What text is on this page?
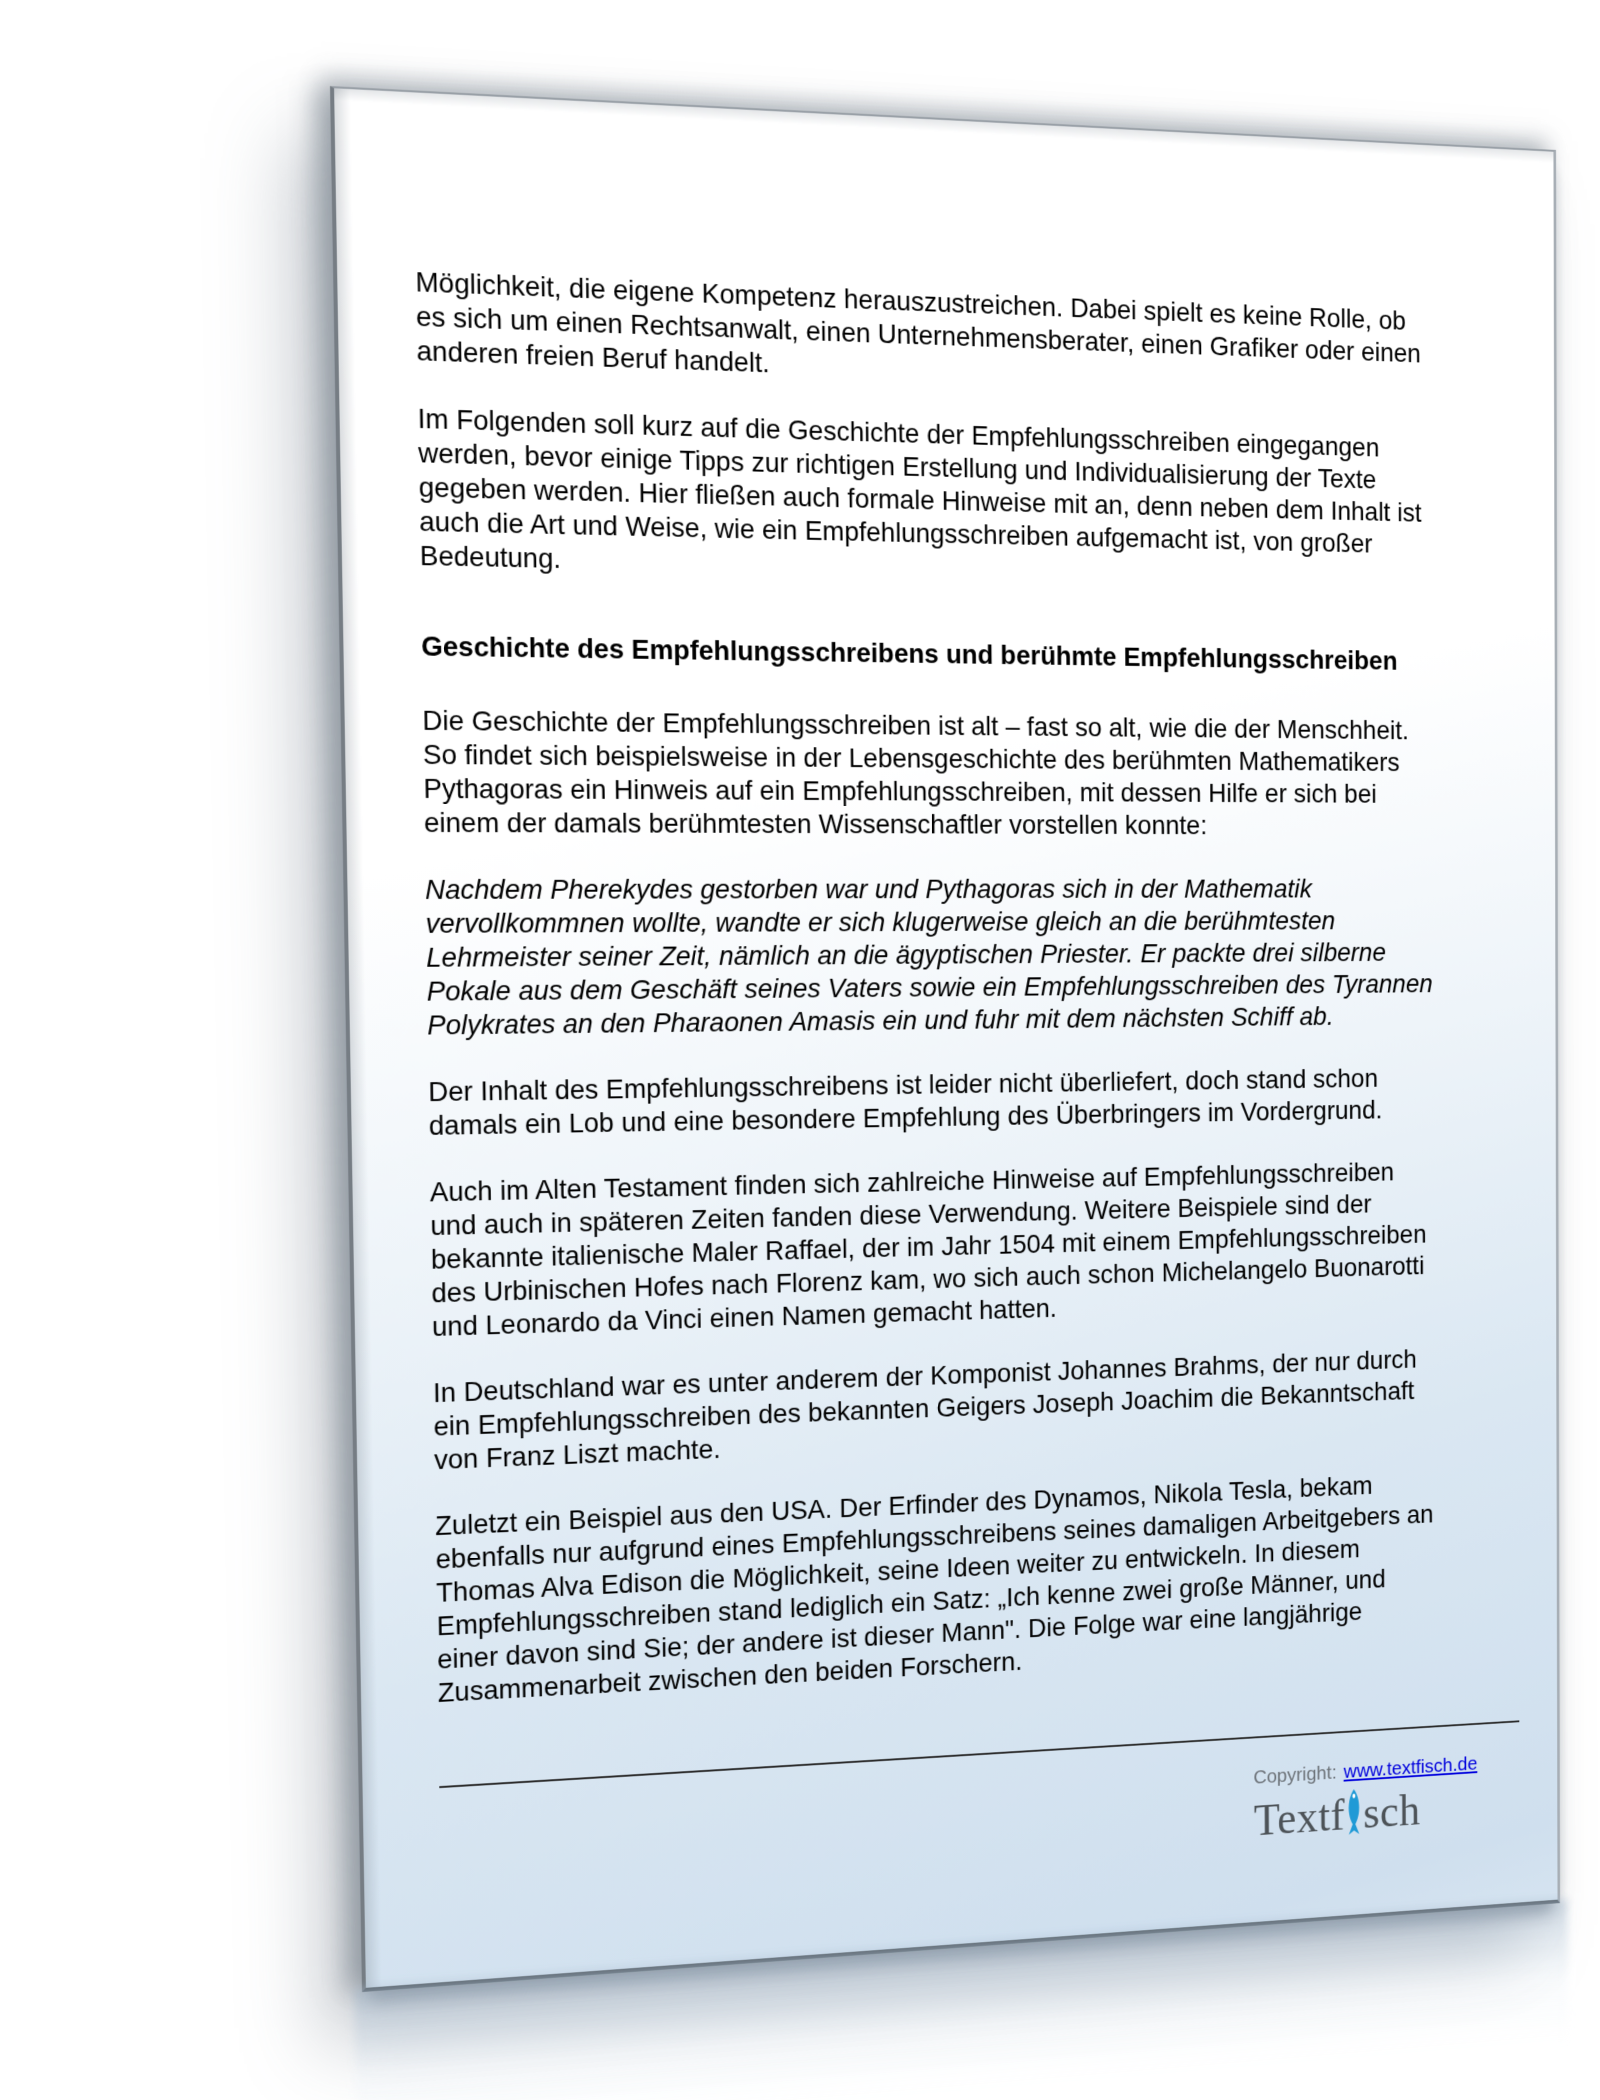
Möglichkeit, die eigene Kompetenz herauszustreichen. Dabei spielt es keine Rolle, ob
es sich um einen Rechtsanwalt, einen Unternehmensberater, einen Grafiker oder einen
anderen freien Beruf handelt.

Im Folgenden soll kurz auf die Geschichte der Empfehlungsschreiben eingegangen
werden, bevor einige Tipps zur richtigen Erstellung und Individualisierung der Texte
gegeben werden. Hier fließen auch formale Hinweise mit an, denn neben dem Inhalt ist
auch die Art und Weise, wie ein Empfehlungsschreiben aufgemacht ist, von großer
Bedeutung.

Geschichte des Empfehlungsschreibens und berühmte Empfehlungsschreiben

Die Geschichte der Empfehlungsschreiben ist alt – fast so alt, wie die der Menschheit.
So findet sich beispielsweise in der Lebensgeschichte des berühmten Mathematikers
Pythagoras ein Hinweis auf ein Empfehlungsschreiben, mit dessen Hilfe er sich bei
einem der damals berühmtesten Wissenschaftler vorstellen konnte:

Nachdem Pherekydes gestorben war und Pythagoras sich in der Mathematik
vervollkommnen wollte, wandte er sich klugerweise gleich an die berühmtesten
Lehrmeister seiner Zeit, nämlich an die ägyptischen Priester. Er packte drei silberne
Pokale aus dem Geschäft seines Vaters sowie ein Empfehlungsschreiben des Tyrannen
Polykrates an den Pharaonen Amasis ein und fuhr mit dem nächsten Schiff ab.

Der Inhalt des Empfehlungsschreibens ist leider nicht überliefert, doch stand schon
damals ein Lob und eine besondere Empfehlung des Überbringers im Vordergrund.

Auch im Alten Testament finden sich zahlreiche Hinweise auf Empfehlungsschreiben
und auch in späteren Zeiten fanden diese Verwendung. Weitere Beispiele sind der
bekannte italienische Maler Raffael, der im Jahr 1504 mit einem Empfehlungsschreiben
des Urbinischen Hofes nach Florenz kam, wo sich auch schon Michelangelo Buonarotti
und Leonardo da Vinci einen Namen gemacht hatten.

In Deutschland war es unter anderem der Komponist Johannes Brahms, der nur durch
ein Empfehlungsschreiben des bekannten Geigers Joseph Joachim die Bekanntschaft
von Franz Liszt machte.

Zuletzt ein Beispiel aus den USA. Der Erfinder des Dynamos, Nikola Tesla, bekam
ebenfalls nur aufgrund eines Empfehlungsschreibens seines damaligen Arbeitgebers an
Thomas Alva Edison die Möglichkeit, seine Ideen weiter zu entwickeln. In diesem
Empfehlungsschreiben stand lediglich ein Satz: „Ich kenne zwei große Männer, und
einer davon sind Sie; der andere ist dieser Mann". Die Folge war eine langjährige
Zusammenarbeit zwischen den beiden Forschern.

Copyright: www.textfisch.de
Textf sch
